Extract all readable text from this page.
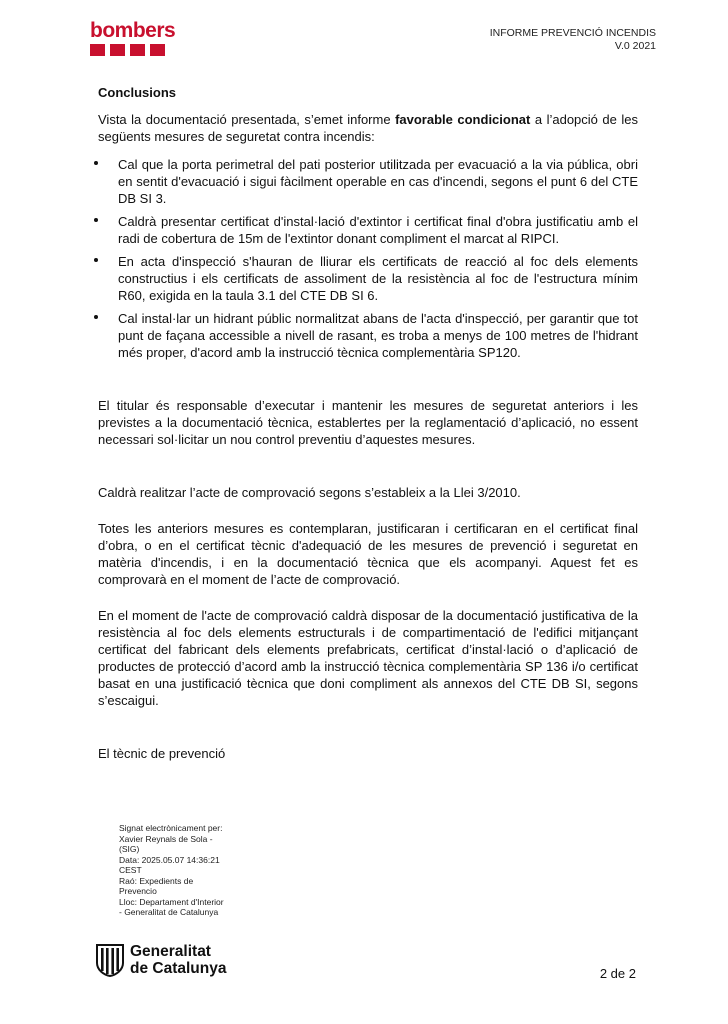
bombers	INFORME PREVENCIÓ INCENDIS
V.0 2021
Conclusions

Vista la documentació presentada, s’emet informe favorable condicionat a l’adopció de les següents mesures de seguretat contra incendis:

Cal que la porta perimetral del pati posterior utilitzada per evacuació a la via pública, obri en sentit d'evacuació i sigui fàcilment operable en cas d'incendi, segons el punt 6 del CTE DB SI 3.
Caldrà presentar certificat d'instal·lació d'extintor i certificat final d'obra justificatiu amb el radi de cobertura de 15m de l'extintor donant compliment el marcat al RIPCI.
En acta d'inspecció s'hauran de lliurar els certificats de reacció al foc dels elements constructius i els certificats de assoliment de la resistència al foc de l'estructura mínim R60, exigida en la taula 3.1 del CTE DB SI 6.
Cal instal·lar un hidrant públic normalitzat abans de l'acta d'inspecció, per garantir que tot punt de façana accessible a nivell de rasant, es troba a menys de 100 metres de l'hidrant més proper, d'acord amb la instrucció tècnica complementària SP120.

El titular és responsable d’executar i mantenir les mesures de seguretat anteriors i les previstes a la documentació tècnica, establertes per la reglamentació d’aplicació, no essent necessari sol·licitar un nou control preventiu d’aquestes mesures.

Caldrà realitzar l’acte de comprovació segons s’estableix a la Llei 3/2010.

Totes les anteriors mesures es contemplaran, justificaran i certificaran en el certificat final d’obra, o en el certificat tècnic d'adequació de les mesures de prevenció i seguretat en matèria d'incendis, i en la documentació tècnica que els acompanyi. Aquest fet es comprovarà en el moment de l’acte de comprovació.

En el moment de l'acte de comprovació caldrà disposar de la documentació justificativa de la resistència al foc dels elements estructurals i de compartimentació de l'edifici mitjançant certificat del fabricant dels elements prefabricats, certificat d’instal·lació o d’aplicació de productes de protecció d’acord amb la instrucció tècnica complementària SP 136 i/o certificat basat en una justificació tècnica que doni compliment als annexos del CTE DB SI, segons s’escaigui.

El tècnic de prevenció

Signat electrònicament per:
Xavier Reynals de Sola -
(SIG)
Data: 2025.05.07 14:36:21
CEST
Raó: Expedients de
Prevencio
Lloc: Departament d'Interior
- Generalitat de Catalunya
Generalitat
de Catalunya	2 de 2
